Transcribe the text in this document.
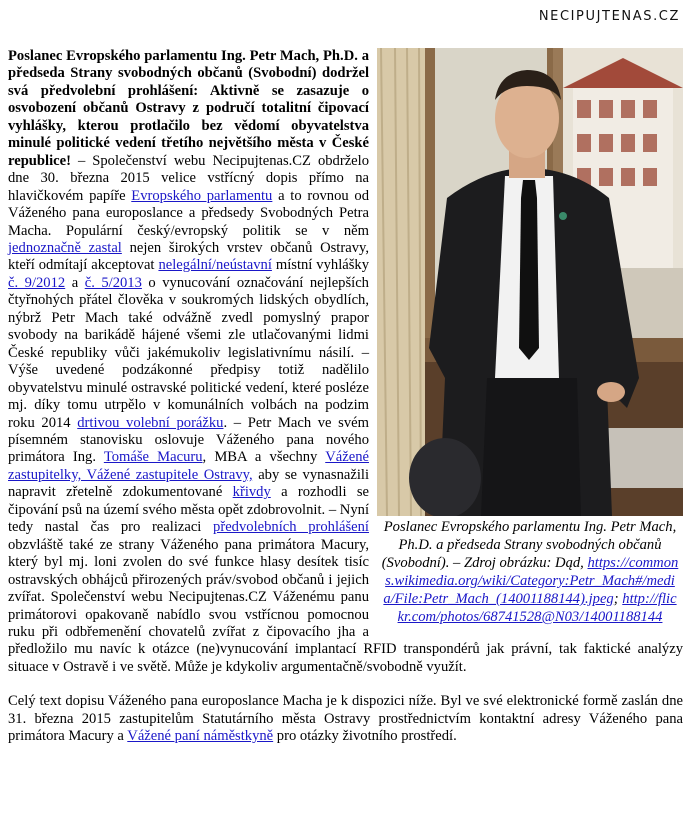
NECIPUJTENAS.CZ
Poslanec Evropského parlamentu Ing. Petr Mach, Ph.D. a předseda Strany svobodných občanů (Svobodní). – Zdroj obrázku: Dąd, https://commons.wikimedia.org/wiki/Category:Petr_Mach#/media/File:Petr_Mach_(14001188144).jpeg; http://flickr.com/photos/68741528@N03/14001188144

Poslanec Evropského parlamentu Ing. Petr Mach, Ph.D. a předseda Strany svobodných občanů (Svobodní) dodržel svá předvolební prohlášení: Aktivně se zasazuje o osvobození občanů Ostravy z područí totalitní čipovací vyhlášky, kterou protlačilo bez vědomí obyvatelstva minulé politické vedení třetího největšího města v České republice! – Společenství webu Necipujtenas.CZ obdrželo dne 30. března 2015 velice vstřícný dopis přímo na hlavičkovém papíře Evropského parlamentu a to rovnou od Váženého pana europoslance a předsedy Svobodných Petra Macha. Populární český/evropský politik se v něm jednoznačně zastal nejen širokých vrstev občanů Ostravy, kteří odmítají akceptovat nelegální/neústavní místní vyhlášky č. 9/2012 a č. 5/2013 o vynucování označování nejlepších čtyřnohých přátel člověka v soukromých lidských obydlích, nýbrž Petr Mach také odvážně zvedl pomyslný prapor svobody na barikádě hájené všemi zle utlačovanými lidmi České republiky vůči jakémukoliv legislativnímu násilí. – Výše uvedené podzákonné předpisy totiž nadělilo obyvatelstvu minulé ostravské politické vedení, které posléze mj. díky tomu utrpělo v komunálních volbách na podzim roku 2014 drtivou volební porážku. – Petr Mach ve svém písemném stanovisku oslovuje Váženého pana nového primátora Ing. Tomáše Macuru, MBA a všechny Vážené zastupitelky, Vážené zastupitele Ostravy, aby se vynasnažili napravit zřetelně zdokumentované křivdy a rozhodli se čipování psů na území svého města opět zdobrovolnit. – Nyní tedy nastal čas pro realizaci předvolebních prohlášení obzvláště také ze strany Váženého pana primátora Macury, který byl mj. loni zvolen do své funkce hlasy desítek tisíc ostravských obhájců přirozených práv/svobod občanů i jejich zvířat. Společenství webu Necipujtenas.CZ Váženému panu primátorovi opakovaně nabídlo svou vstřícnou pomocnou ruku při odbřemenění chovatelů zvířat z čipovacího jha a předložilo mu navíc k otázce (ne)vynucování implantací RFID transpondérů jak právní, tak faktické analýzy situace v Ostravě i ve světě. Může je kdykoliv argumentačně/svobodně využít.

Celý text dopisu Váženého pana europoslance Macha je k dispozici níže. Byl ve své elektronické formě zaslán dne 31. března 2015 zastupitelům Statutárního města Ostravy prostřednictvím kontaktní adresy Váženého pana primátora Macury a Vážené paní náměstkyně pro otázky životního prostředí.
